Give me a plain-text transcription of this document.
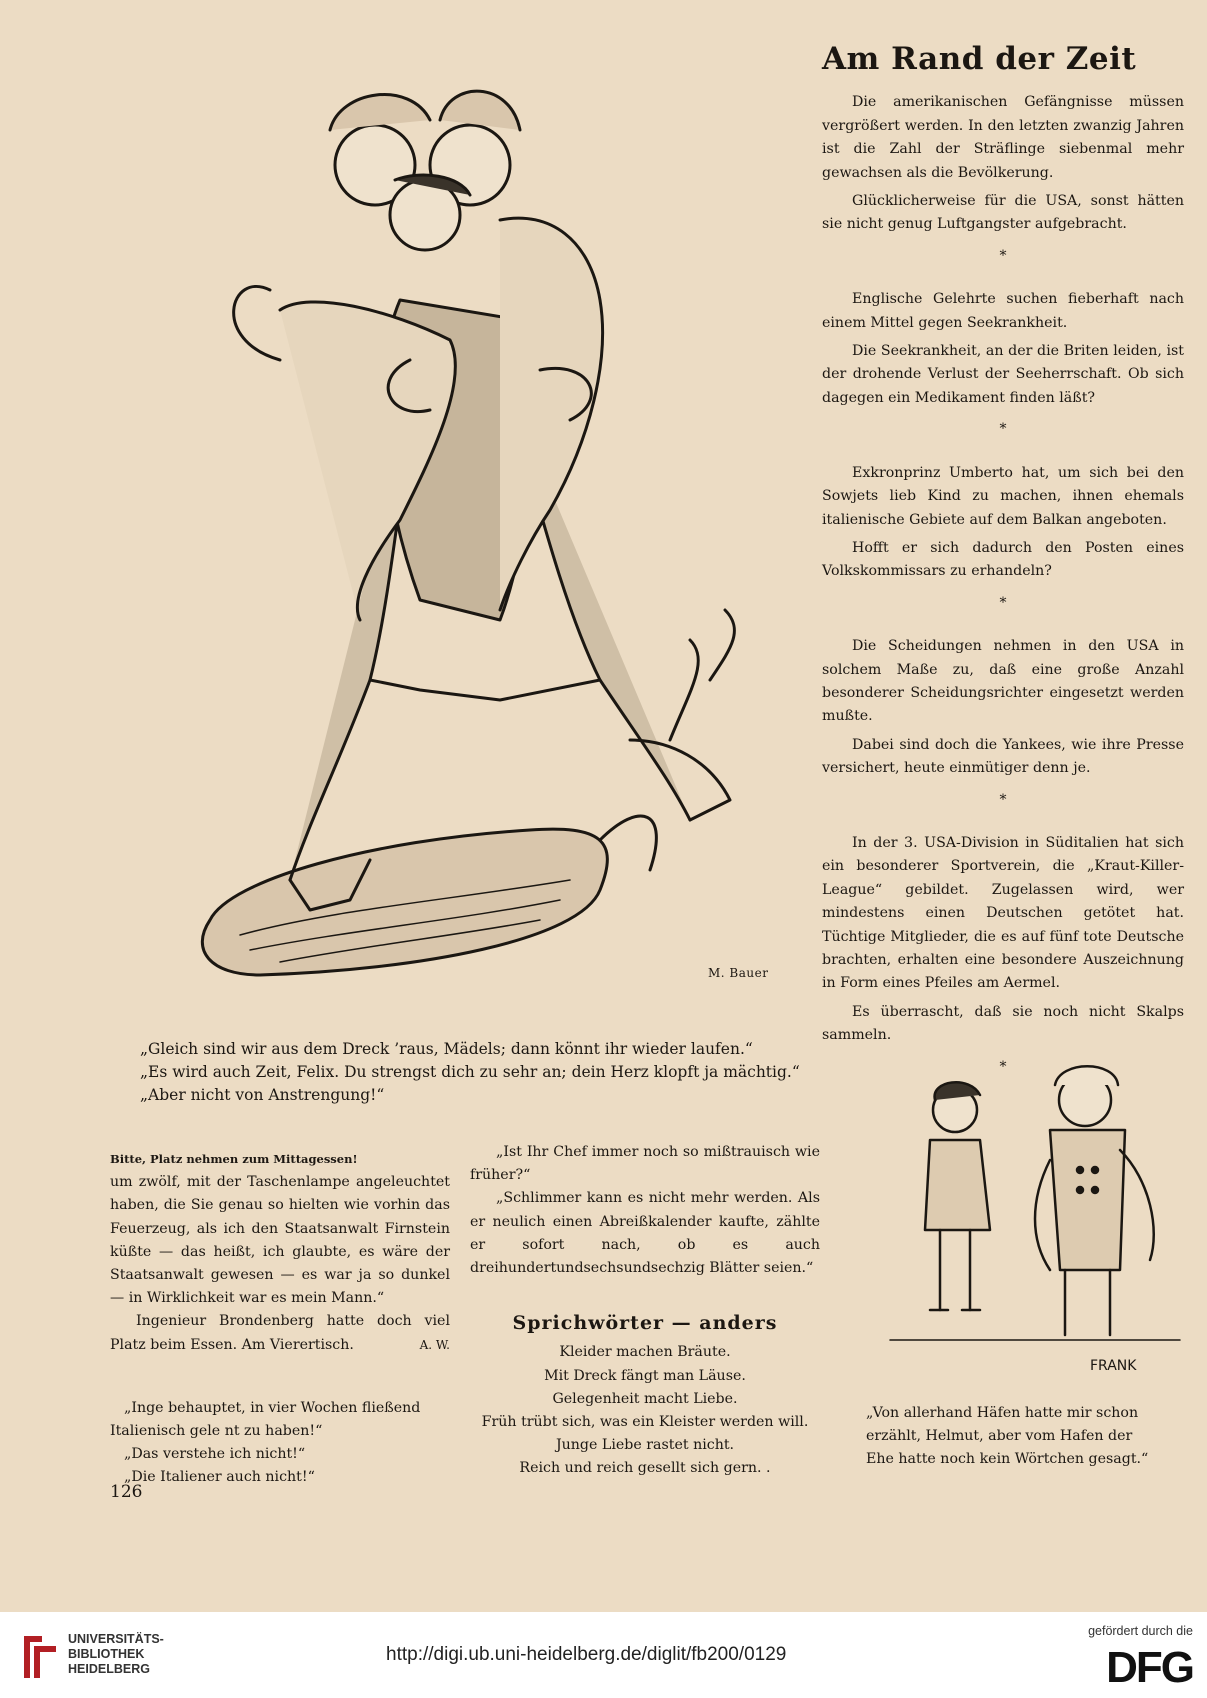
M. Bauer
„Gleich sind wir aus dem Dreck ’raus, Mädels; dann könnt ihr wieder laufen.“
„Es wird auch Zeit, Felix. Du strengst dich zu sehr an; dein Herz klopft ja mächtig.“
„Aber nicht von Anstrengung!“
Am Rand der Zeit

Die amerikanischen Gefängnisse müssen vergrößert werden. In den letzten zwanzig Jahren ist die Zahl der Sträflinge siebenmal mehr gewachsen als die Bevölkerung.

Glücklicherweise für die USA, sonst hätten sie nicht genug Luftgangster aufgebracht.

*

Englische Gelehrte suchen fieberhaft nach einem Mittel gegen Seekrankheit.

Die Seekrankheit, an der die Briten leiden, ist der drohende Verlust der Seeherrschaft. Ob sich dagegen ein Medikament finden läßt?

*

Exkronprinz Umberto hat, um sich bei den Sowjets lieb Kind zu machen, ihnen ehemals italienische Gebiete auf dem Balkan angeboten.

Hofft er sich dadurch den Posten eines Volkskommissars zu erhandeln?

*

Die Scheidungen nehmen in den USA in solchem Maße zu, daß eine große Anzahl besonderer Scheidungsrichter eingesetzt werden mußte.

Dabei sind doch die Yankees, wie ihre Presse versichert, heute einmütiger denn je.

*

In der 3. USA-Division in Süditalien hat sich ein besonderer Sportverein, die „Kraut-Killer-League“ gebildet. Zugelassen wird, wer mindestens einen Deutschen getötet hat. Tüchtige Mitglieder, die es auf fünf tote Deutsche brachten, erhalten eine besondere Auszeichnung in Form eines Pfeiles am Aermel.

Es überrascht, daß sie noch nicht Skalps sammeln.

*
Bitte, Platz nehmen zum Mittagessen!

um zwölf, mit der Taschenlampe angeleuchtet haben, die Sie genau so hielten wie vorhin das Feuerzeug, als ich den Staatsanwalt Firnstein küßte — das heißt, ich glaubte, es wäre der Staatsanwalt gewesen — es war ja so dunkel — in Wirklichkeit war es mein Mann.“

Ingenieur Brondenberg hatte doch viel Platz beim Essen. Am Vierertisch.	A. W.

„Inge behauptet, in vier Wochen fließend Italienisch gele nt zu haben!“
„Das verstehe ich nicht!“
„Die Italiener auch nicht!“
126

„Ist Ihr Chef immer noch so mißtrauisch wie früher?“

„Schlimmer kann es nicht mehr werden. Als er neulich einen Abreißkalender kaufte, zählte er sofort nach, ob es auch dreihundertundsechsundsechzig Blätter seien.“

Sprichwörter — anders
Kleider machen Bräute.
Mit Dreck fängt man Läuse.
Gelegenheit macht Liebe.
Früh trübt sich, was ein Kleister werden will.
Junge Liebe rastet nicht.
Reich und reich gesellt sich gern. .
FRANK
„Von allerhand Häfen hatte mir schon
erzählt, Helmut, aber vom Hafen der
Ehe hatte noch kein Wörtchen gesagt.“
UNIVERSITÄTS-
BIBLIOTHEK
HEIDELBERG
http://digi.ub.uni-heidelberg.de/diglit/fb200/0129
gefördert durch die
DFG
